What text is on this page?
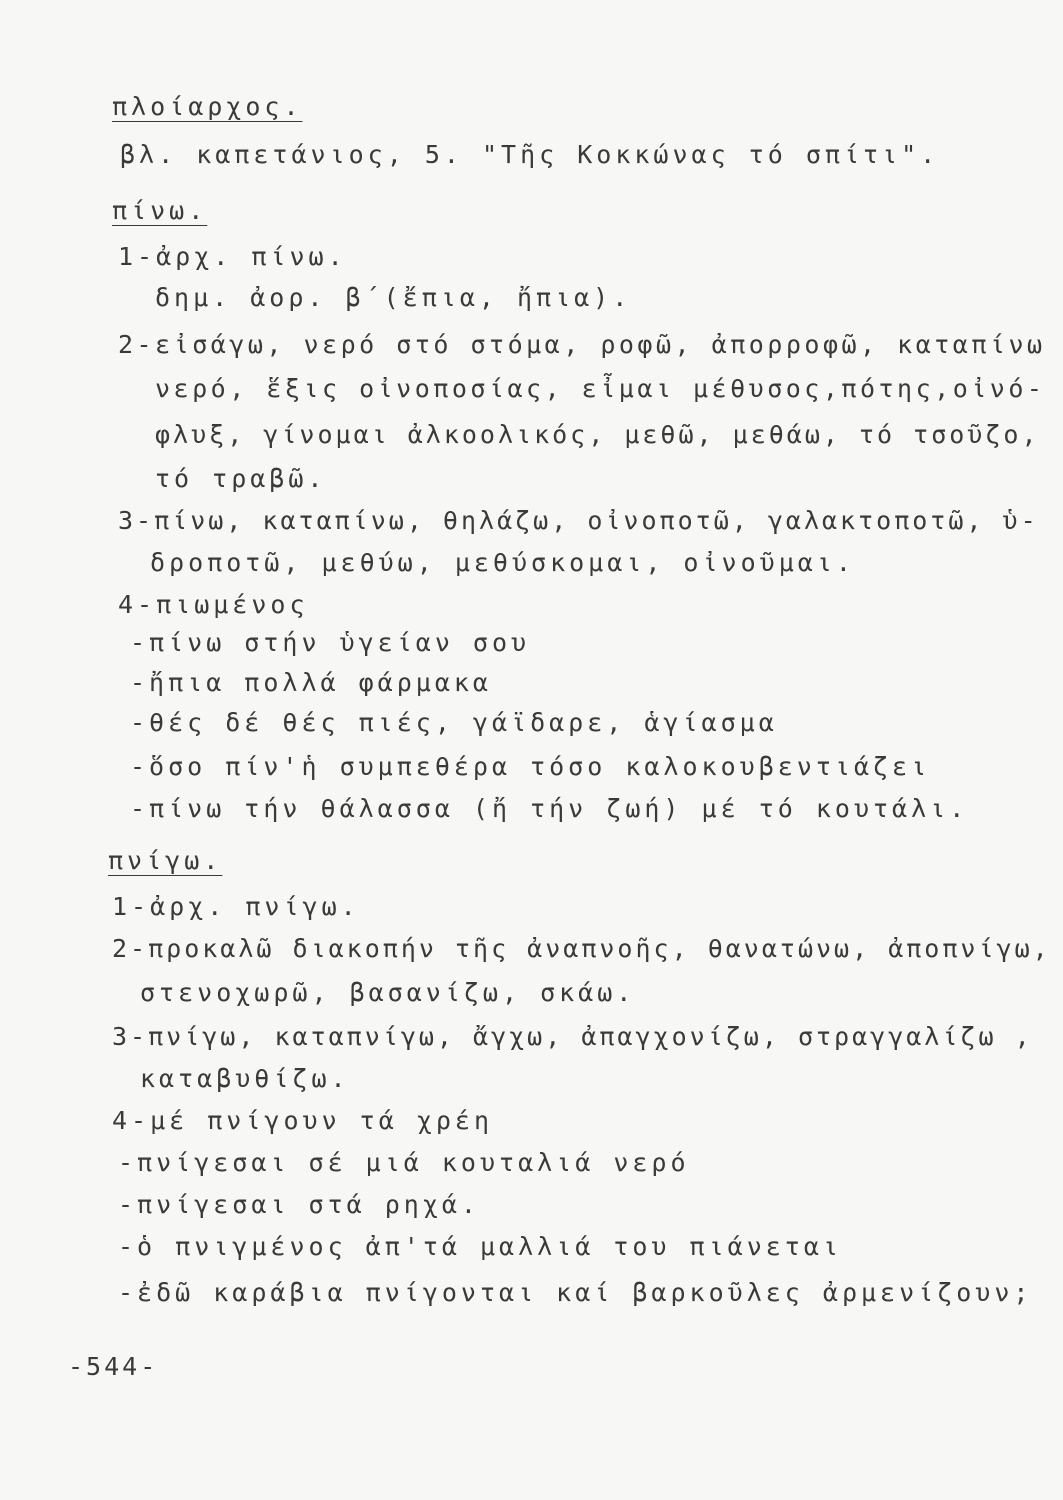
πλοίαρχος.
βλ. καπετάνιος, 5. "Τῆς Κοκκώνας τό σπίτι".
πίνω.
1-ἀρχ. πίνω.
δημ. ἀορ. β΄(ἔπια, ἤπια).
2-εἰσάγω, νερό στό στόμα, ροφῶ, ἀπορροφῶ, καταπίνω
νερό, ἕξις οἰνοποσίας, εἶμαι μέθυσος,πότης,οἰνό-
φλυξ, γίνομαι ἀλκοολικός, μεθῶ, μεθάω, τό τσοῦζο,
τό τραβῶ.
3-πίνω, καταπίνω, θηλάζω, οἰνοποτῶ, γαλακτοποτῶ, ὑ-
δροποτῶ, μεθύω, μεθύσκομαι, οἰνοῦμαι.
4-πιωμένος
-πίνω στήν ὑγείαν σου
-ἤπια πολλά φάρμακα
-θές δέ θές πιές, γάϊδαρε, ἁγίασμα
-ὅσο πίν'ἡ συμπεθέρα τόσο καλοκουβεντιάζει
-πίνω τήν θάλασσα (ἤ τήν ζωή) μέ τό κουτάλι.
πνίγω.
1-ἀρχ. πνίγω.
2-προκαλῶ διακοπήν τῆς ἀναπνοῆς, θανατώνω, ἀποπνίγω,
στενοχωρῶ, βασανίζω, σκάω.
3-πνίγω, καταπνίγω, ἄγχω, ἀπαγχονίζω, στραγγαλίζω ,
καταβυθίζω.
4-μέ πνίγουν τά χρέη
-πνίγεσαι σέ μιά κουταλιά νερό
-πνίγεσαι στά ρηχά.
-ὁ πνιγμένος ἀπ'τά μαλλιά του πιάνεται
-ἐδῶ καράβια πνίγονται καί βαρκοῦλες ἀρμενίζουν;
-544-
